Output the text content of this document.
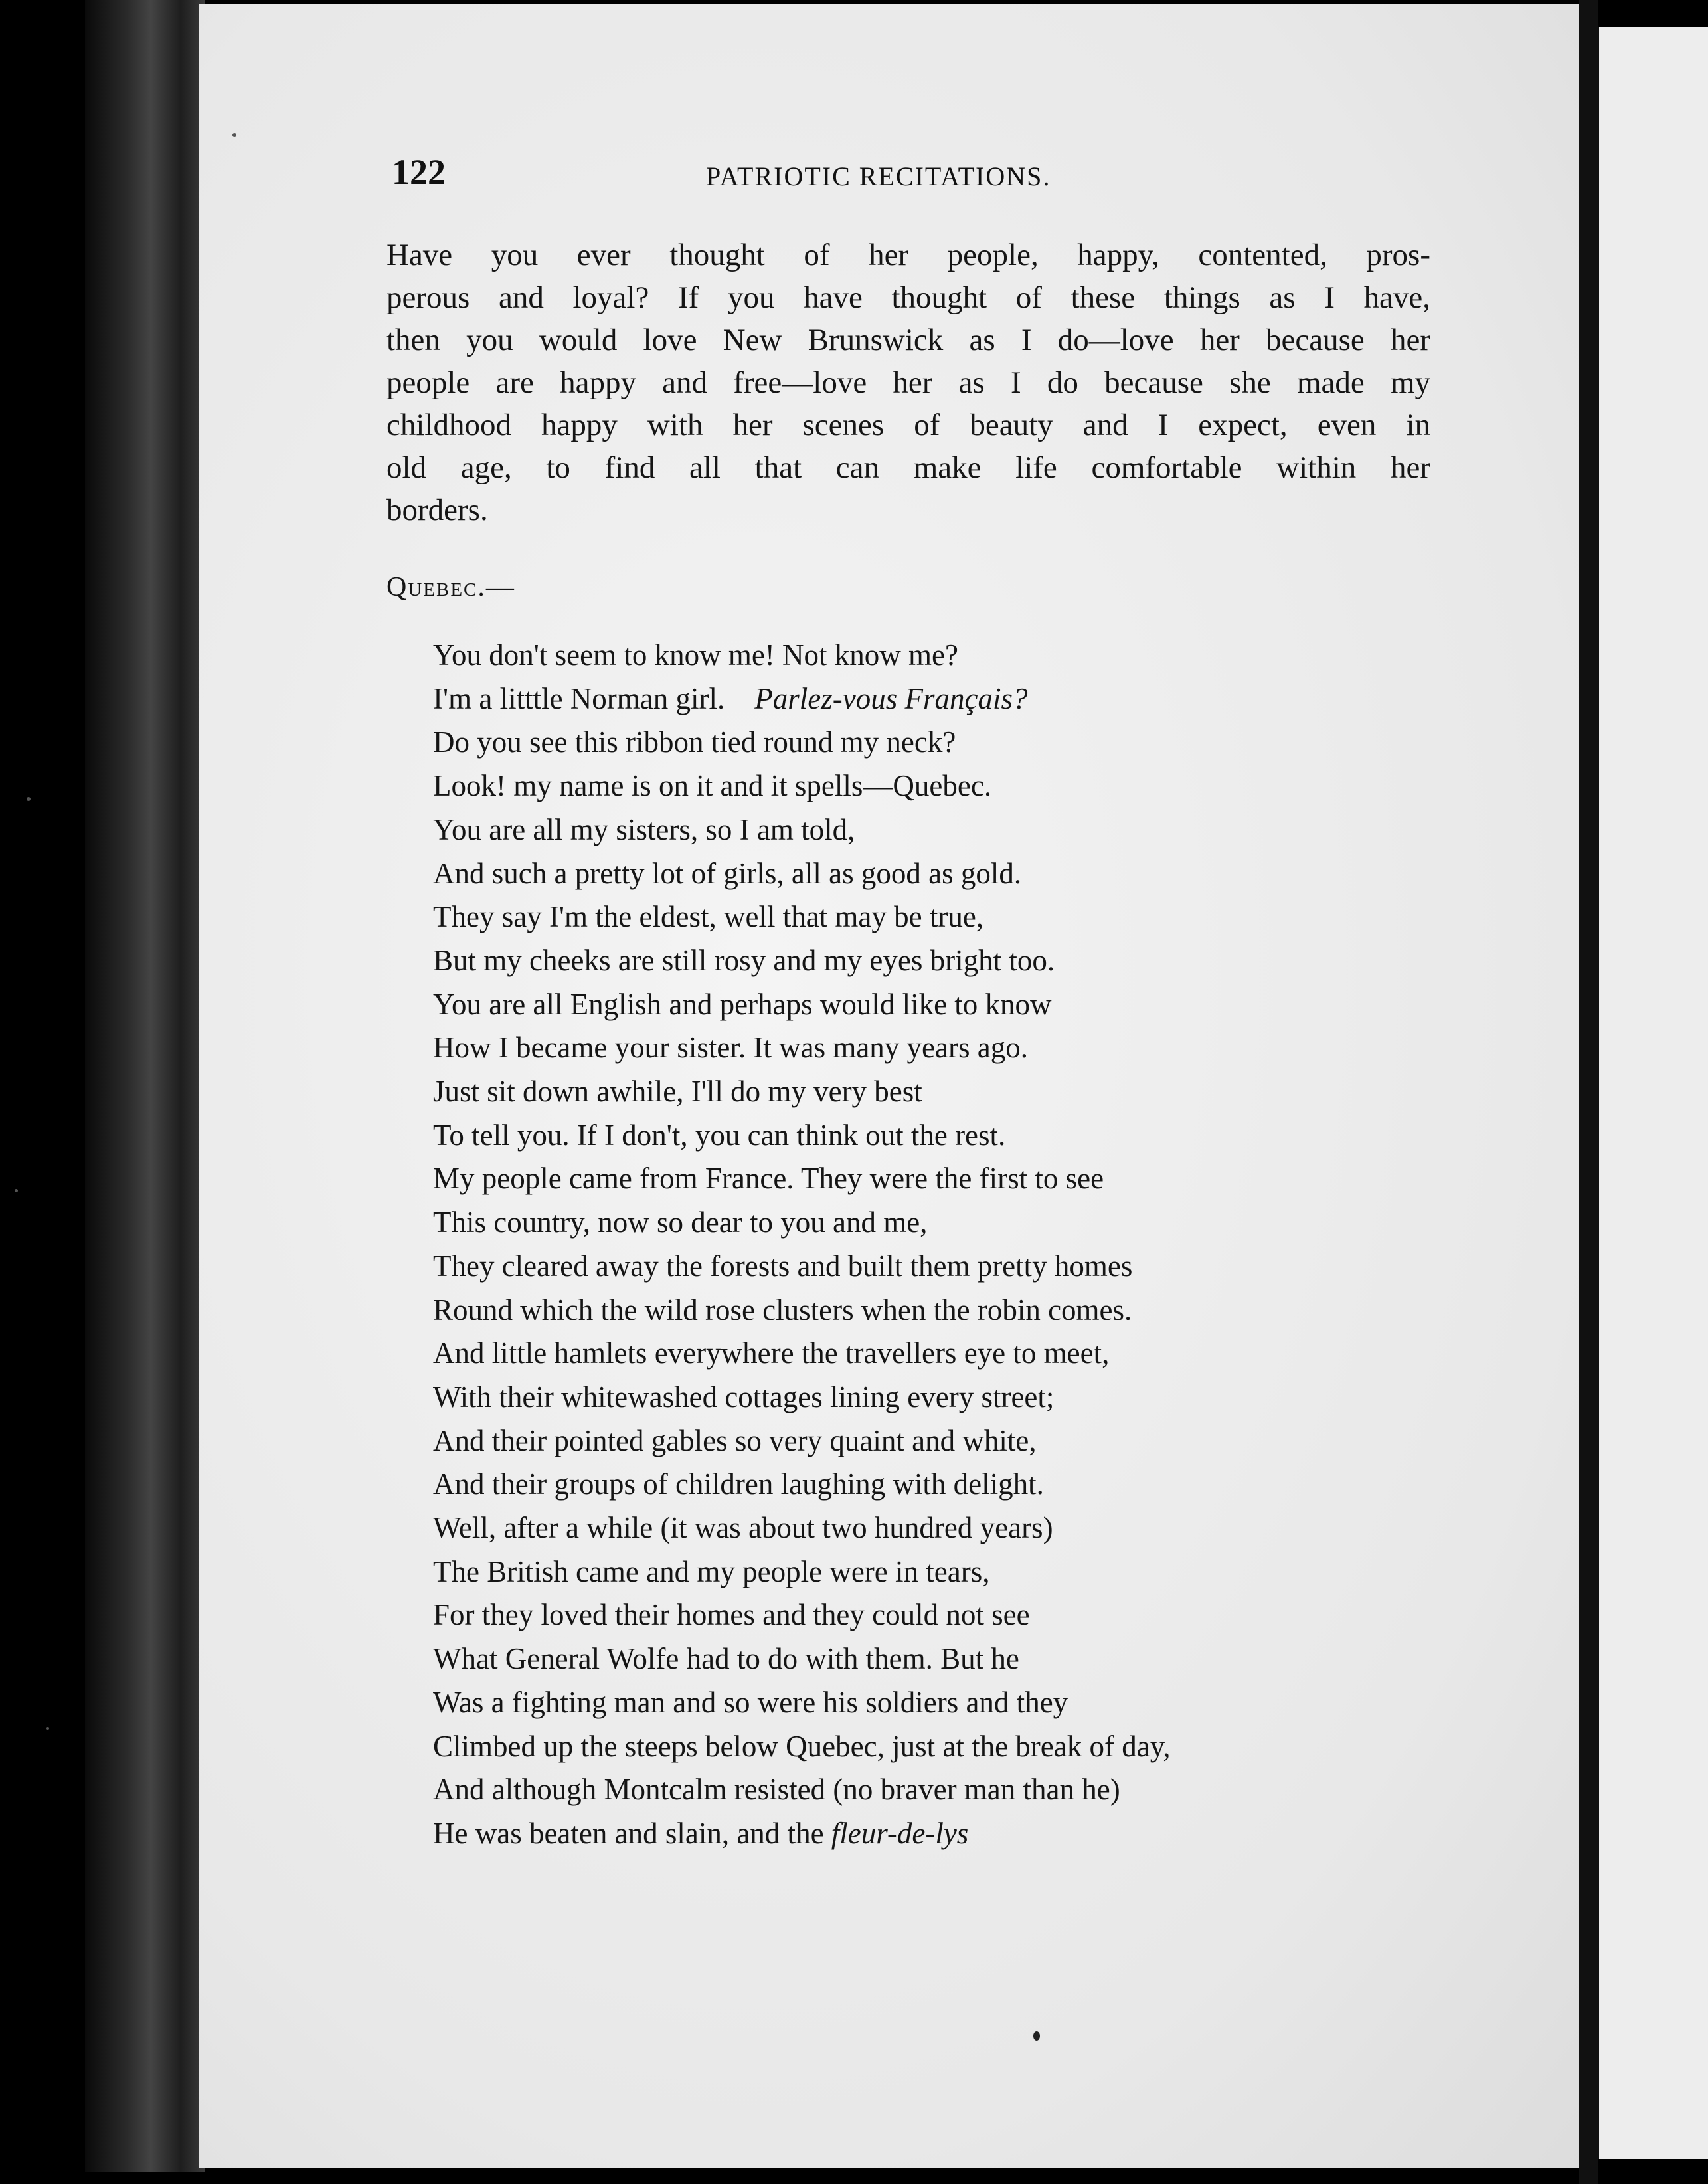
122	PATRIOTIC RECITATIONS.
Have you ever thought of her people, happy, contented, pros-
perous and loyal? If you have thought of these things as I have,
then you would love New Brunswick as I do—love her because her
people are happy and free—love her as I do because she made my
childhood happy with her scenes of beauty and I expect, even in
old age, to find all that can make life comfortable within her
borders.
Quebec.—
You don't seem to know me! Not know me?
I'm a litttle Norman girl. Parlez-vous Français?
Do you see this ribbon tied round my neck?
Look! my name is on it and it spells—Quebec.
You are all my sisters, so I am told,
And such a pretty lot of girls, all as good as gold.
They say I'm the eldest, well that may be true,
But my cheeks are still rosy and my eyes bright too.
You are all English and perhaps would like to know
How I became your sister. It was many years ago.
Just sit down awhile, I'll do my very best
To tell you. If I don't, you can think out the rest.
My people came from France. They were the first to see
This country, now so dear to you and me,
They cleared away the forests and built them pretty homes
Round which the wild rose clusters when the robin comes.
And little hamlets everywhere the travellers eye to meet,
With their whitewashed cottages lining every street;
And their pointed gables so very quaint and white,
And their groups of children laughing with delight.
Well, after a while (it was about two hundred years)
The British came and my people were in tears,
For they loved their homes and they could not see
What General Wolfe had to do with them. But he
Was a fighting man and so were his soldiers and they
Climbed up the steeps below Quebec, just at the break of day,
And although Montcalm resisted (no braver man than he)
He was beaten and slain, and the fleur-de-lys
